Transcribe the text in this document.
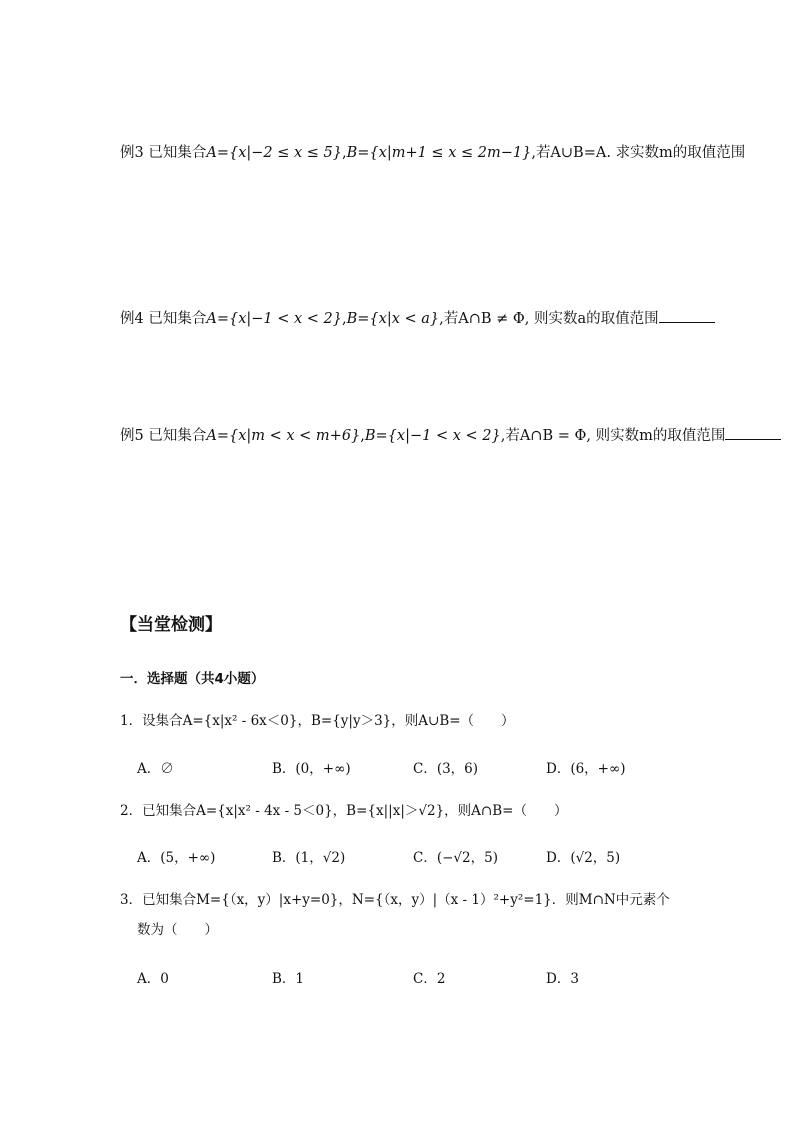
例3 已知集合A={x|−2 ≤ x ≤ 5},B={x|m+1 ≤ x ≤ 2m−1},若A∪B=A. 求实数m的取值范围
例4 已知集合A={x|−1 < x < 2},B={x|x < a},若A∩B ≠ Φ, 则实数a的取值范围
例5 已知集合A={x|m < x < m+6},B={x|−1 < x < 2},若A∩B = Φ, 则实数m的取值范围
【当堂检测】
一．选择题（共4小题）
1．设集合A={x|x² - 6x＜0}，B={y|y＞3}，则A∪B=（　　）
A．∅	B．(0，+∞)	C．(3，6)	D．(6，+∞)
2．已知集合A={x|x² - 4x - 5＜0}，B={x||x|＞√2}，则A∩B=（　　）
A．(5，+∞)	B．(1，√2)	C．(−√2，5)	D．(√2，5)
3．已知集合M={（x，y）|x+y=0}，N={（x，y）|（x - 1）²+y²=1}．则M∩N中元素个
数为（　　）
A．0	B．1	C．2	D．3
